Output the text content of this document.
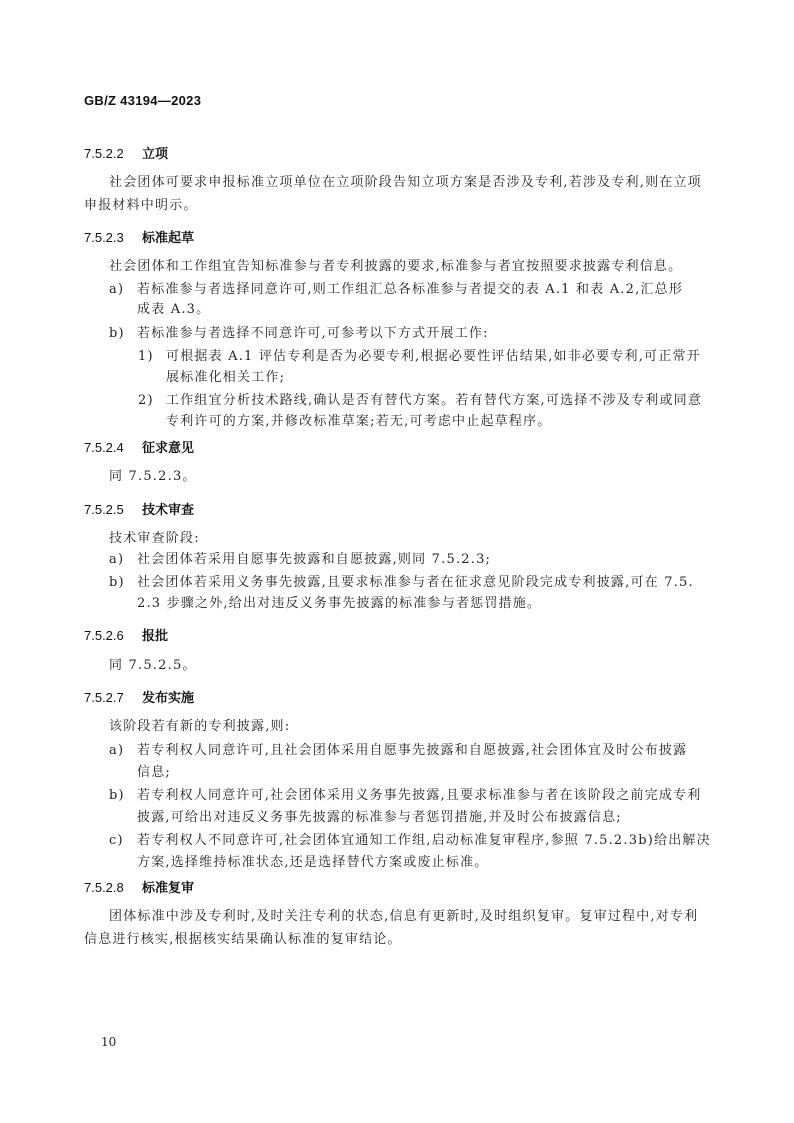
GB/Z 43194—2023
7.5.2.2 立项
社会团体可要求申报标准立项单位在立项阶段告知立项方案是否涉及专利,若涉及专利,则在立项
申报材料中明示。
7.5.2.3 标准起草
社会团体和工作组宜告知标准参与者专利披露的要求,标准参与者宜按照要求披露专利信息。
a) 若标准参与者选择同意许可,则工作组汇总各标准参与者提交的表 A.1 和表 A.2,汇总形
成表 A.3。
b) 若标准参与者选择不同意许可,可参考以下方式开展工作:
1) 可根据表 A.1 评估专利是否为必要专利,根据必要性评估结果,如非必要专利,可正常开
展标准化相关工作;
2) 工作组宜分析技术路线,确认是否有替代方案。若有替代方案,可选择不涉及专利或同意
专利许可的方案,并修改标准草案;若无,可考虑中止起草程序。
7.5.2.4 征求意见
同 7.5.2.3。
7.5.2.5 技术审查
技术审查阶段:
a) 社会团体若采用自愿事先披露和自愿披露,则同 7.5.2.3;
b) 社会团体若采用义务事先披露,且要求标准参与者在征求意见阶段完成专利披露,可在 7.5.
2.3 步骤之外,给出对违反义务事先披露的标准参与者惩罚措施。
7.5.2.6 报批
同 7.5.2.5。
7.5.2.7 发布实施
该阶段若有新的专利披露,则:
a) 若专利权人同意许可,且社会团体采用自愿事先披露和自愿披露,社会团体宜及时公布披露
信息;
b) 若专利权人同意许可,社会团体采用义务事先披露,且要求标准参与者在该阶段之前完成专利
披露,可给出对违反义务事先披露的标准参与者惩罚措施,并及时公布披露信息;
c) 若专利权人不同意许可,社会团体宜通知工作组,启动标准复审程序,参照 7.5.2.3b)给出解决
方案,选择维持标准状态,还是选择替代方案或废止标准。
7.5.2.8 标准复审
团体标准中涉及专利时,及时关注专利的状态,信息有更新时,及时组织复审。复审过程中,对专利
信息进行核实,根据核实结果确认标准的复审结论。
10
